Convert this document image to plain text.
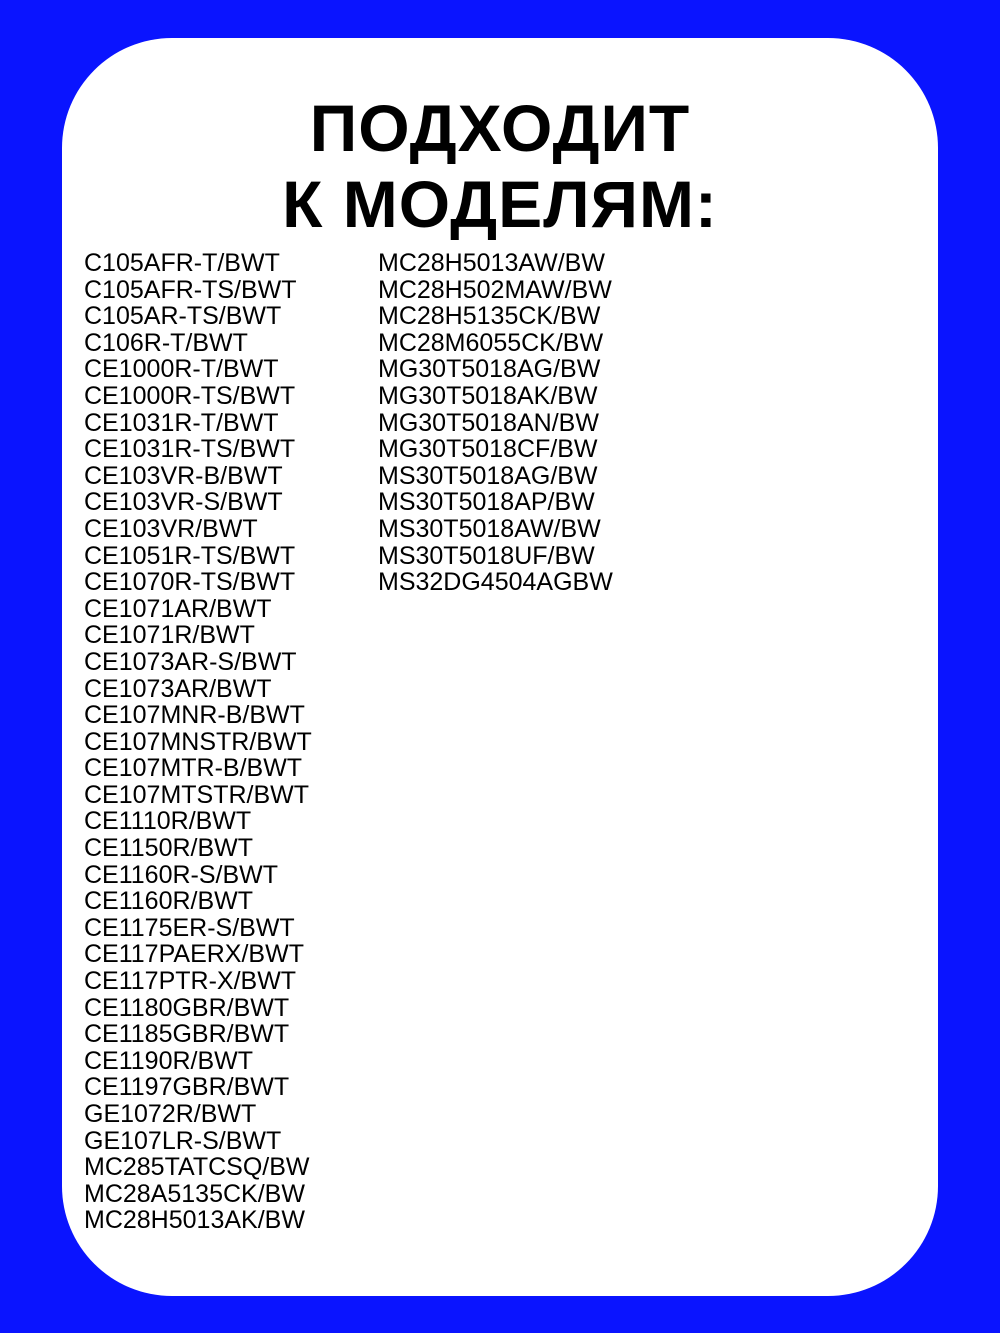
ПОДХОДИТ
К МОДЕЛЯМ:
C105AFR-T/BWT
C105AFR-TS/BWT
C105AR-TS/BWT
C106R-T/BWT
CE1000R-T/BWT
CE1000R-TS/BWT
CE1031R-T/BWT
CE1031R-TS/BWT
CE103VR-B/BWT
CE103VR-S/BWT
CE103VR/BWT
CE1051R-TS/BWT
CE1070R-TS/BWT
CE1071AR/BWT
CE1071R/BWT
CE1073AR-S/BWT
CE1073AR/BWT
CE107MNR-B/BWT
CE107MNSTR/BWT
CE107MTR-B/BWT
CE107MTSTR/BWT
CE1110R/BWT
CE1150R/BWT
CE1160R-S/BWT
CE1160R/BWT
CE1175ER-S/BWT
CE117PAERX/BWT
CE117PTR-X/BWT
CE1180GBR/BWT
CE1185GBR/BWT
CE1190R/BWT
CE1197GBR/BWT
GE1072R/BWT
GE107LR-S/BWT
MC285TATCSQ/BW
MC28A5135CK/BW
MC28H5013AK/BW
MC28H5013AW/BW
MC28H502MAW/BW
MC28H5135CK/BW
MC28M6055CK/BW
MG30T5018AG/BW
MG30T5018AK/BW
MG30T5018AN/BW
MG30T5018CF/BW
MS30T5018AG/BW
MS30T5018AP/BW
MS30T5018AW/BW
MS30T5018UF/BW
MS32DG4504AGBW
